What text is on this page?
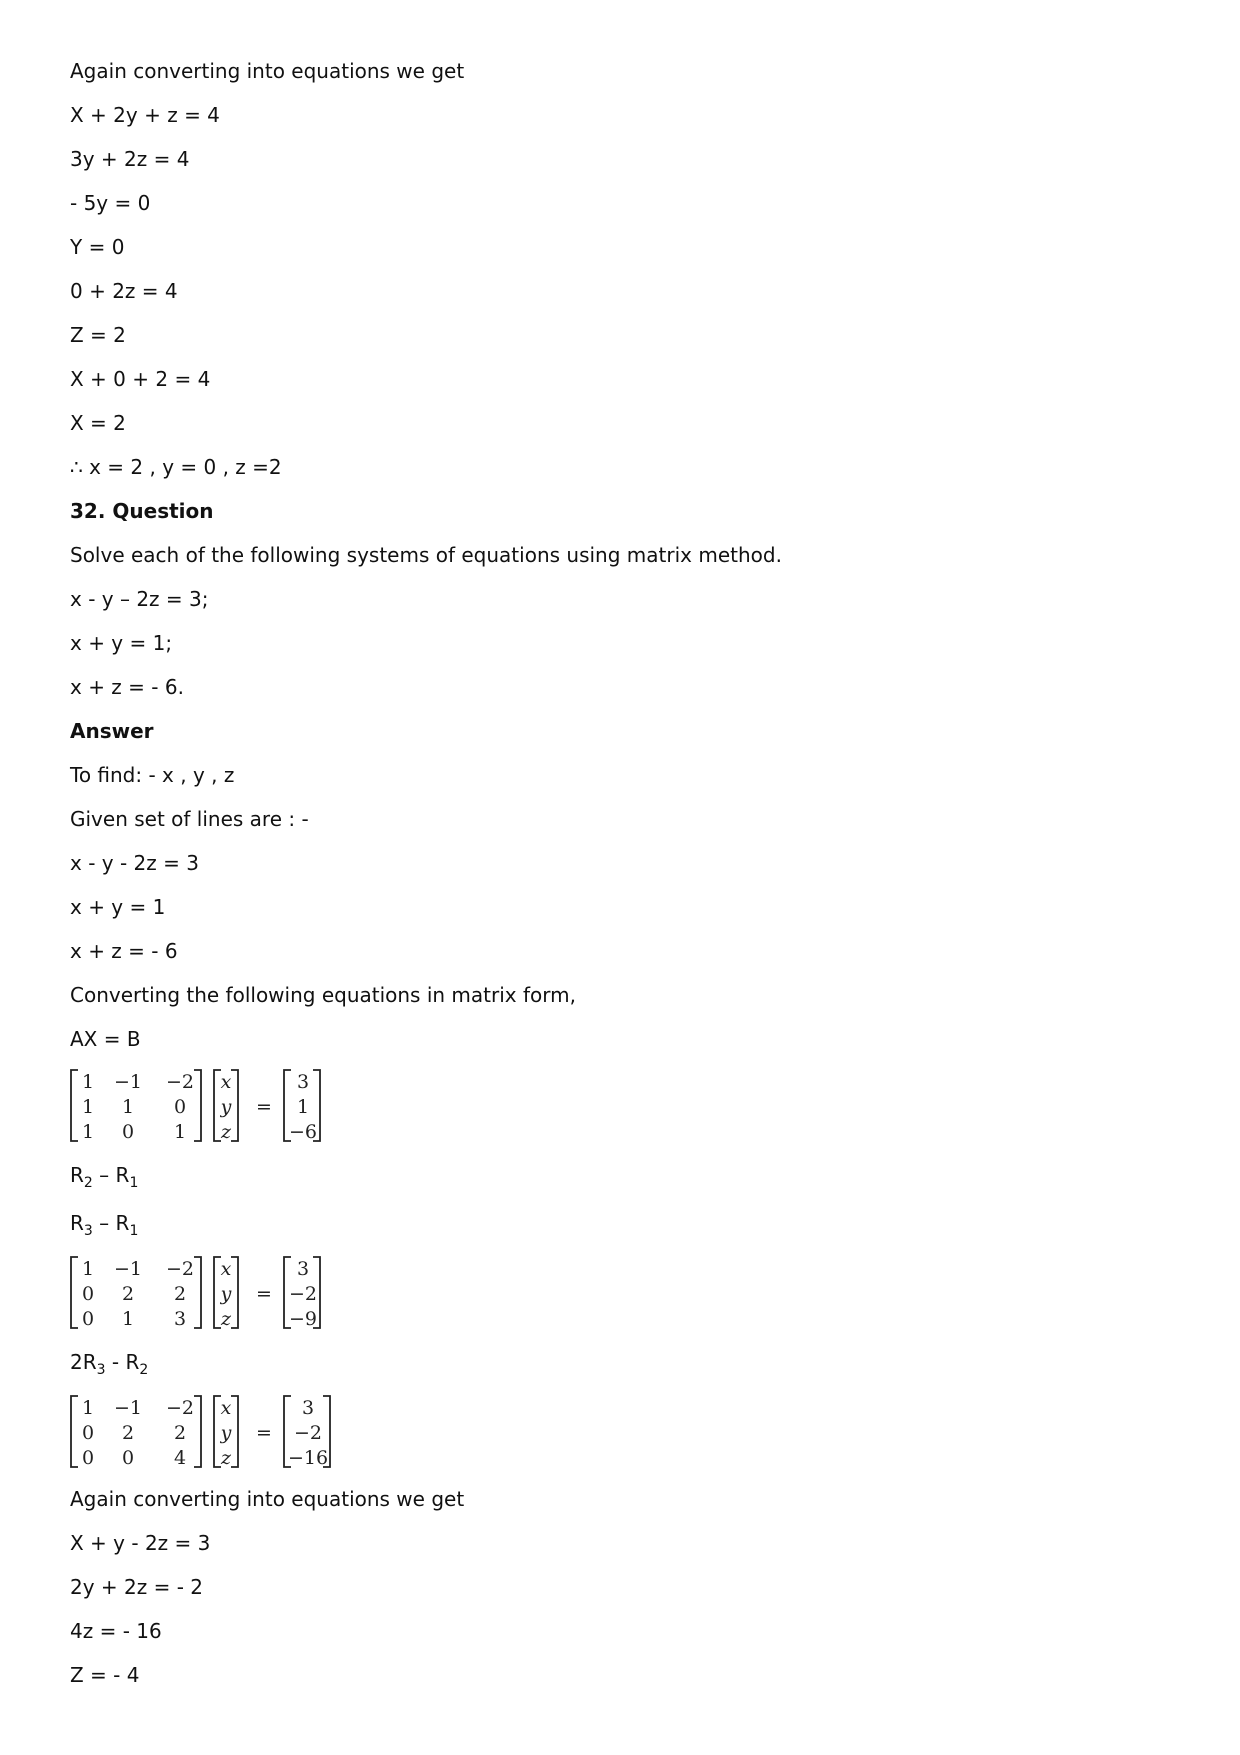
Again converting into equations we get
X + 2y + z = 4
3y + 2z = 4
- 5y = 0
Y = 0
0 + 2z = 4
Z = 2
X + 0 + 2 = 4
X = 2
∴ x = 2 , y = 0 , z =2
32. Question
Solve each of the following systems of equations using matrix method.
x - y – 2z = 3;
x + y = 1;
x + z = - 6.
Answer
To find: - x , y , z
Given set of lines are : -
x - y - 2z = 3
x + y = 1
x + z = - 6
Converting the following equations in matrix form,
AX = B
1 −1 −2
1 1 0
1 0 1
x
y
z
=
3
1
−6
$R_2 - R_1$
$R_3 - R_1$
1 −1 −2
0 2 2
0 1 3
x
y
z
=
3
−2
−9
$2R_3 - R_2$
1 −1 −2
0 2 2
0 0 4
x
y
z
=
3
−2
−16
Again converting into equations we get
X + y - 2z = 3
2y + 2z = - 2
4z = - 16
Z = - 4
